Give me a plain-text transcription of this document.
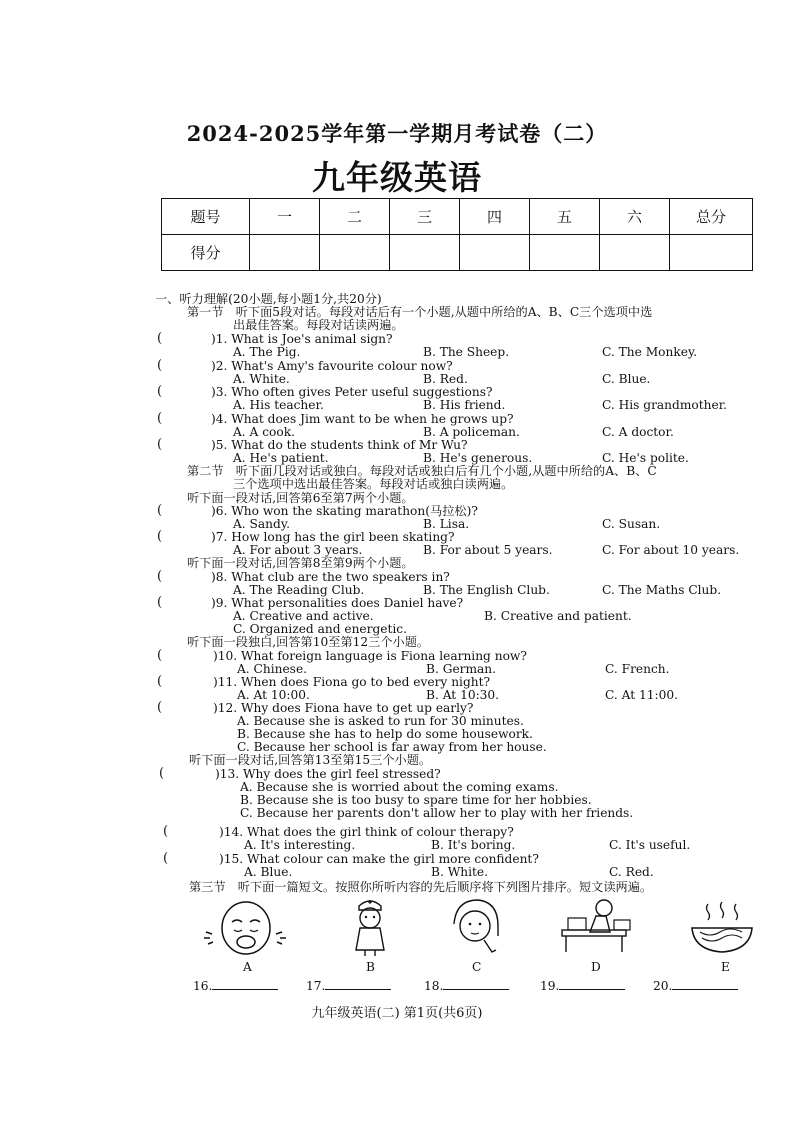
2024-2025学年第一学期月考试卷（二）
九年级英语
题号	一	二	三	四	五	六	总分
得分							
一、听力理解(20小题,每小题1分,共20分)
第一节　听下面5段对话。每段对话后有一个小题,从题中所给的A、B、C三个选项中选
出最佳答案。每段对话读两遍。
(	)1. What is Joe's animal sign?
A. The Pig.	B. The Sheep.	C. The Monkey.
(	)2. What's Amy's favourite colour now?
A. White.	B. Red.	C. Blue.
(	)3. Who often gives Peter useful suggestions?
A. His teacher.	B. His friend.	C. His grandmother.
(	)4. What does Jim want to be when he grows up?
A. A cook.	B. A policeman.	C. A doctor.
(	)5. What do the students think of Mr Wu?
A. He's patient.	B. He's generous.	C. He's polite.
第二节　听下面几段对话或独白。每段对话或独白后有几个小题,从题中所给的A、B、C
三个选项中选出最佳答案。每段对话或独白读两遍。
听下面一段对话,回答第6至第7两个小题。
(	)6. Who won the skating marathon(马拉松)?
A. Sandy.	B. Lisa.	C. Susan.
(	)7. How long has the girl been skating?
A. For about 3 years.	B. For about 5 years.	C. For about 10 years.
听下面一段对话,回答第8至第9两个小题。
(	)8. What club are the two speakers in?
A. The Reading Club.	B. The English Club.	C. The Maths Club.
(	)9. What personalities does Daniel have?
A. Creative and active.	B. Creative and patient.
C. Organized and energetic.
听下面一段独白,回答第10至第12三个小题。
(	)10. What foreign language is Fiona learning now?
A. Chinese.	B. German.	C. French.
(	)11. When does Fiona go to bed every night?
A. At 10:00.	B. At 10:30.	C. At 11:00.
(	)12. Why does Fiona have to get up early?
A. Because she is asked to run for 30 minutes.
B. Because she has to help do some housework.
C. Because her school is far away from her house.
听下面一段对话,回答第13至第15三个小题。
(	)13. Why does the girl feel stressed?
A. Because she is worried about the coming exams.
B. Because she is too busy to spare time for her hobbies.
C. Because her parents don't allow her to play with her friends.
(	)14. What does the girl think of colour therapy?
A. It's interesting.	B. It's boring.	C. It's useful.
(	)15. What colour can make the girl more confident?
A. Blue.	B. White.	C. Red.
第三节　听下面一篇短文。按照你所听内容的先后顺序将下列图片排序。短文读两遍。
A	B	C	D	E
16.	17.	18.	19.	20.
九年级英语(二) 第1页(共6页)
